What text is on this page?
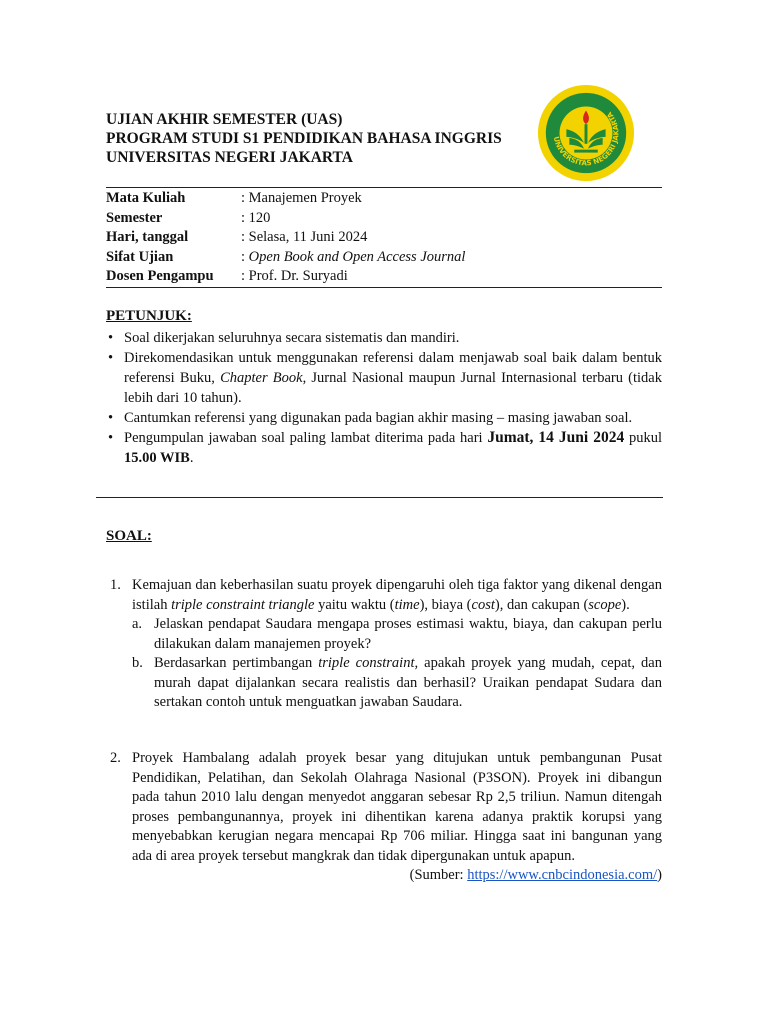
UJIAN AKHIR SEMESTER (UAS)
PROGRAM STUDI S1 PENDIDIKAN BAHASA INGGRIS
UNIVERSITAS NEGERI JAKARTA
UNIVERSITAS NEGERI JAKARTA
Mata Kuliah	: Manajemen Proyek
Semester	: 120
Hari, tanggal	: Selasa, 11 Juni 2024
Sifat Ujian	: Open Book and Open Access Journal
Dosen Pengampu : Prof. Dr. Suryadi
PETUNJUK:

• Soal dikerjakan seluruhnya secara sistematis dan mandiri.

• Direkomendasikan untuk menggunakan referensi dalam menjawab soal baik dalam bentuk referensi Buku, Chapter Book, Jurnal Nasional maupun Jurnal Internasional terbaru (tidak lebih dari 10 tahun).

• Cantumkan referensi yang digunakan pada bagian akhir masing – masing jawaban soal.

• Pengumpulan jawaban soal paling lambat diterima pada hari Jumat, 14 Juni 2024 pukul 15.00 WIB.

SOAL:
1. Kemajuan dan keberhasilan suatu proyek dipengaruhi oleh tiga faktor yang dikenal dengan istilah triple constraint triangle yaitu waktu (time), biaya (cost), dan cakupan (scope).
a. Jelaskan pendapat Saudara mengapa proses estimasi waktu, biaya, dan cakupan perlu dilakukan dalam manajemen proyek?
b. Berdasarkan pertimbangan triple constraint, apakah proyek yang mudah, cepat, dan murah dapat dijalankan secara realistis dan berhasil? Uraikan pendapat Sudara dan sertakan contoh untuk menguatkan jawaban Saudara.
2. Proyek Hambalang adalah proyek besar yang ditujukan untuk pembangunan Pusat Pendidikan, Pelatihan, dan Sekolah Olahraga Nasional (P3SON). Proyek ini dibangun pada tahun 2010 lalu dengan menyedot anggaran sebesar Rp 2,5 triliun. Namun ditengah proses pembangunannya, proyek ini dihentikan karena adanya praktik korupsi yang menyebabkan kerugian negara mencapai Rp 706 miliar. Hingga saat ini bangunan yang ada di area proyek tersebut mangkrak dan tidak dipergunakan untuk apapun.
(Sumber: https://www.cnbcindonesia.com/)
